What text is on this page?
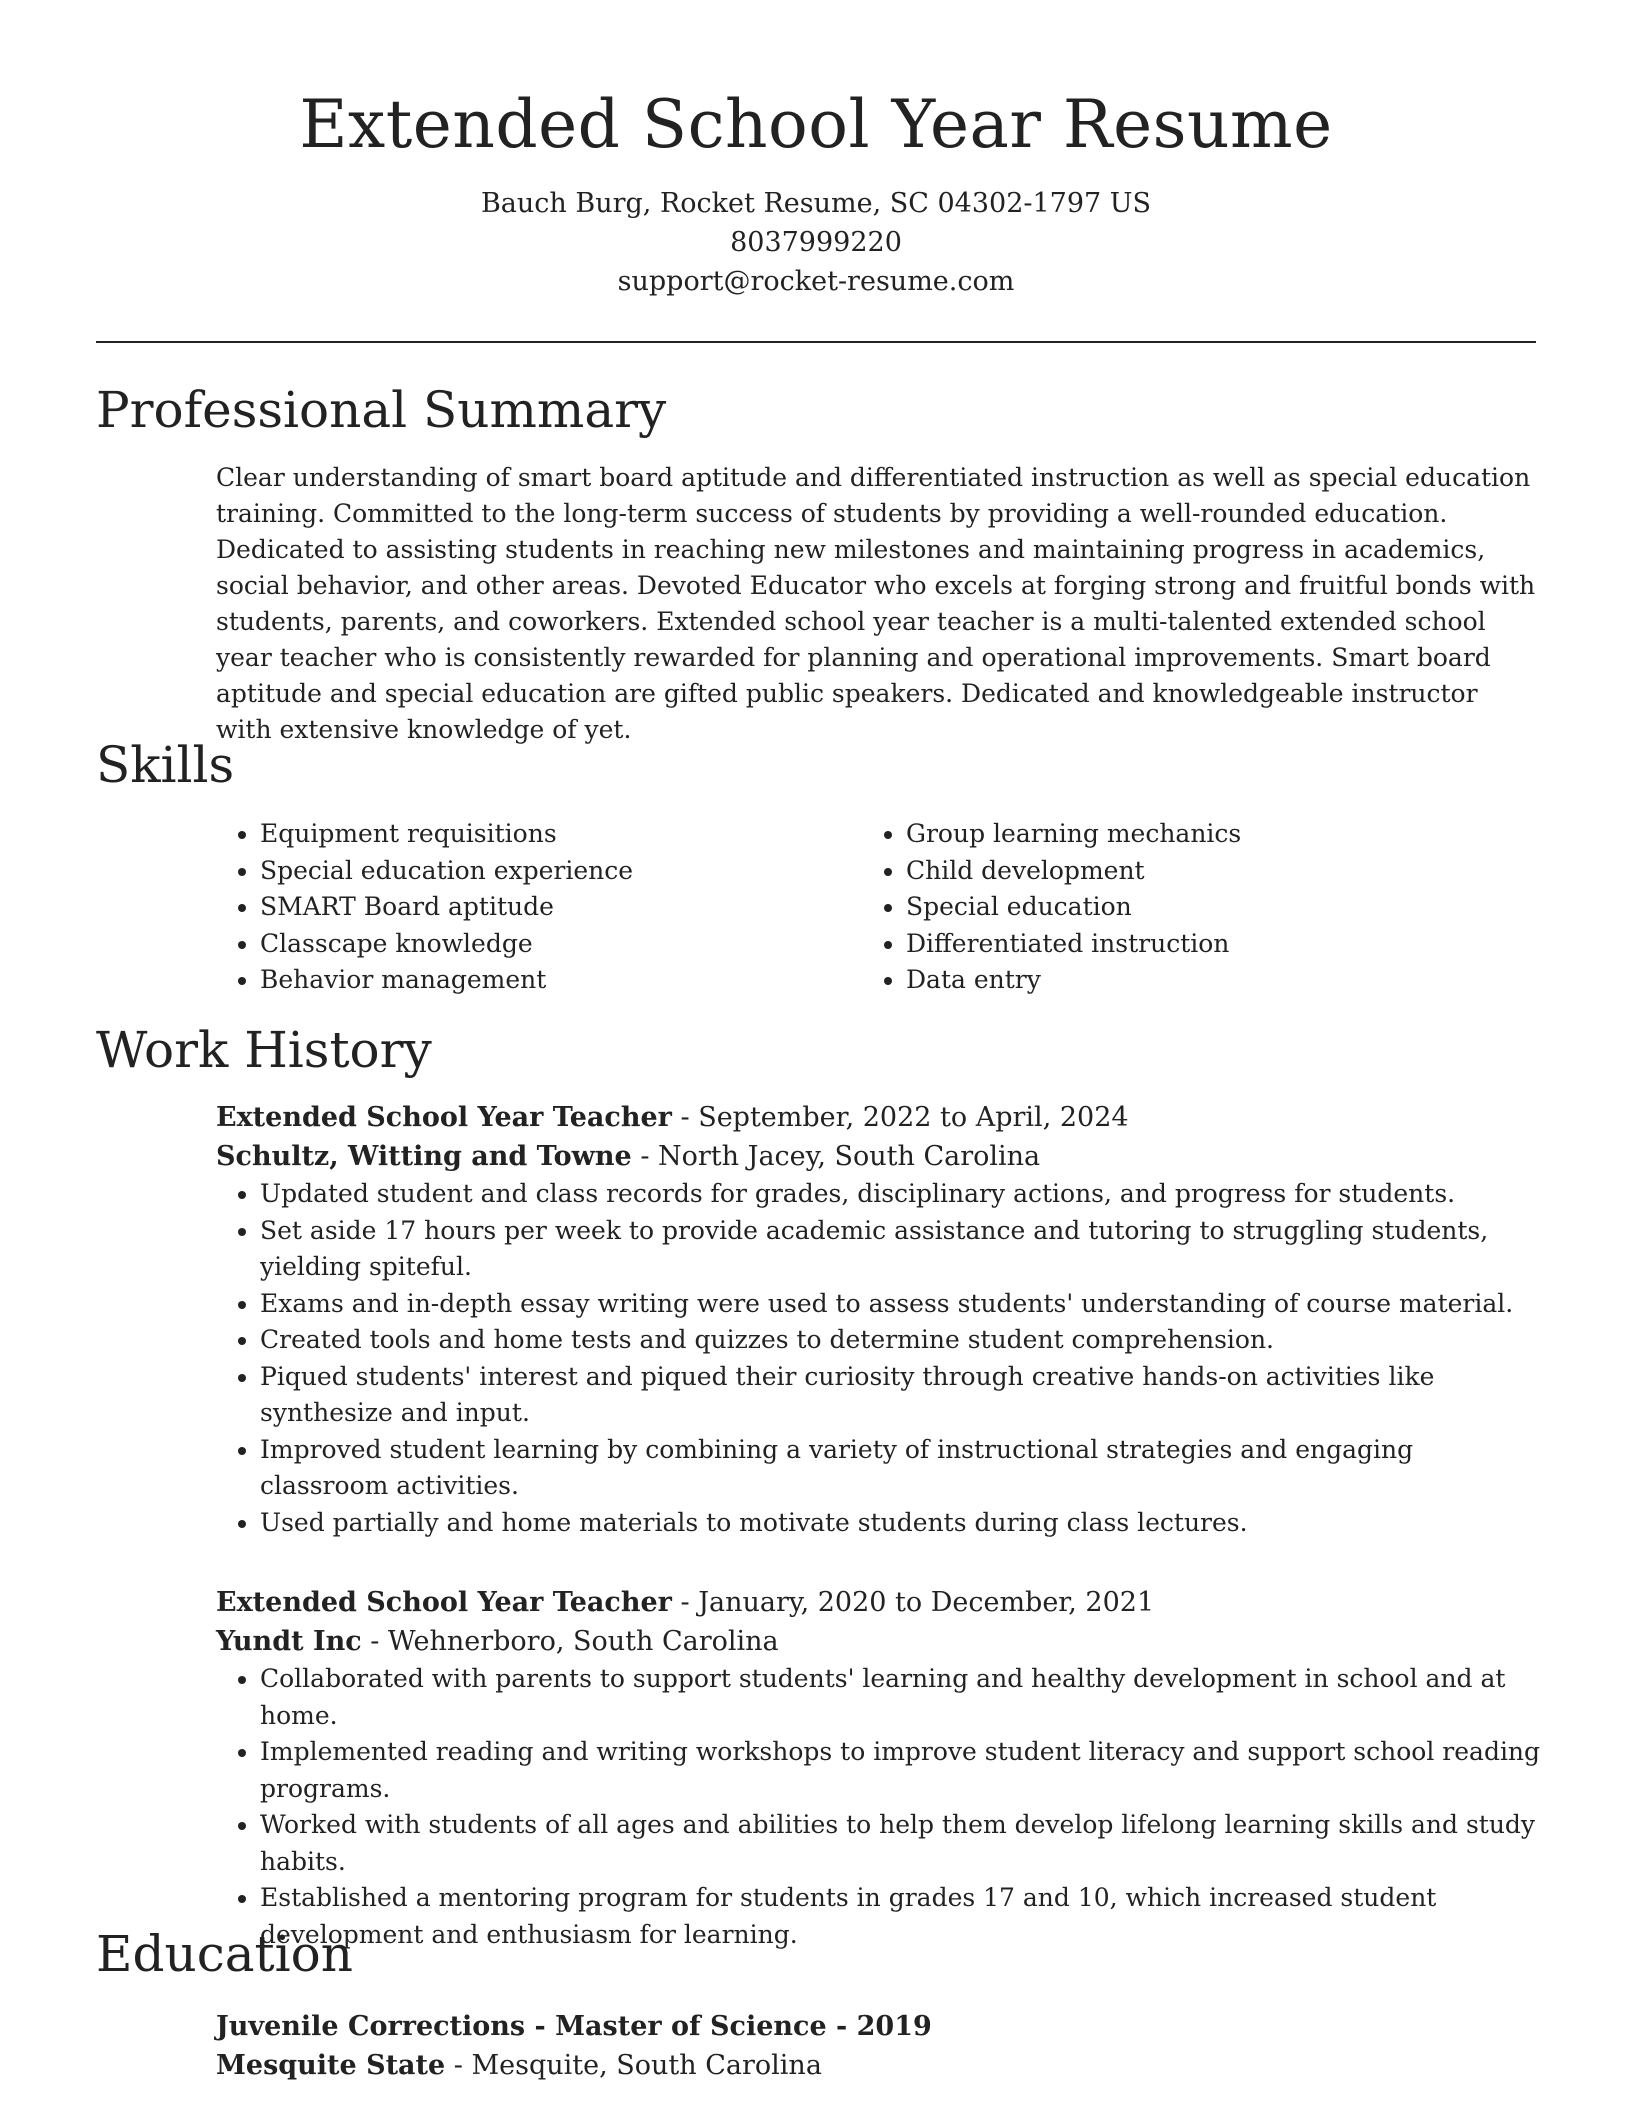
Extended School Year Resume
Bauch Burg, Rocket Resume, SC 04302-1797 US
8037999220
support@rocket-resume.com
Professional Summary
Clear understanding of smart board aptitude and differentiated instruction as well as special education training. Committed to the long-term success of students by providing a well-rounded education. Dedicated to assisting students in reaching new milestones and maintaining progress in academics, social behavior, and other areas. Devoted Educator who excels at forging strong and fruitful bonds with students, parents, and coworkers. Extended school year teacher is a multi-talented extended school year teacher who is consistently rewarded for planning and operational improvements. Smart board aptitude and special education are gifted public speakers. Dedicated and knowledgeable instructor with extensive knowledge of yet.
Skills
• Equipment requisitions
• Special education experience
• SMART Board aptitude
• Classcape knowledge
• Behavior management
• Group learning mechanics
• Child development
• Special education
• Differentiated instruction
• Data entry
Work History
Extended School Year Teacher - September, 2022 to April, 2024
Schultz, Witting and Towne - North Jacey, South Carolina
• Updated student and class records for grades, disciplinary actions, and progress for students.
• Set aside 17 hours per week to provide academic assistance and tutoring to struggling students, yielding spiteful.
• Exams and in-depth essay writing were used to assess students' understanding of course material.
• Created tools and home tests and quizzes to determine student comprehension.
• Piqued students' interest and piqued their curiosity through creative hands-on activities like synthesize and input.
• Improved student learning by combining a variety of instructional strategies and engaging classroom activities.
• Used partially and home materials to motivate students during class lectures.
Extended School Year Teacher - January, 2020 to December, 2021
Yundt Inc - Wehnerboro, South Carolina
• Collaborated with parents to support students' learning and healthy development in school and at home.
• Implemented reading and writing workshops to improve student literacy and support school reading programs.
• Worked with students of all ages and abilities to help them develop lifelong learning skills and study habits.
• Established a mentoring program for students in grades 17 and 10, which increased student development and enthusiasm for learning.
Education
Juvenile Corrections - Master of Science - 2019
Mesquite State - Mesquite, South Carolina
